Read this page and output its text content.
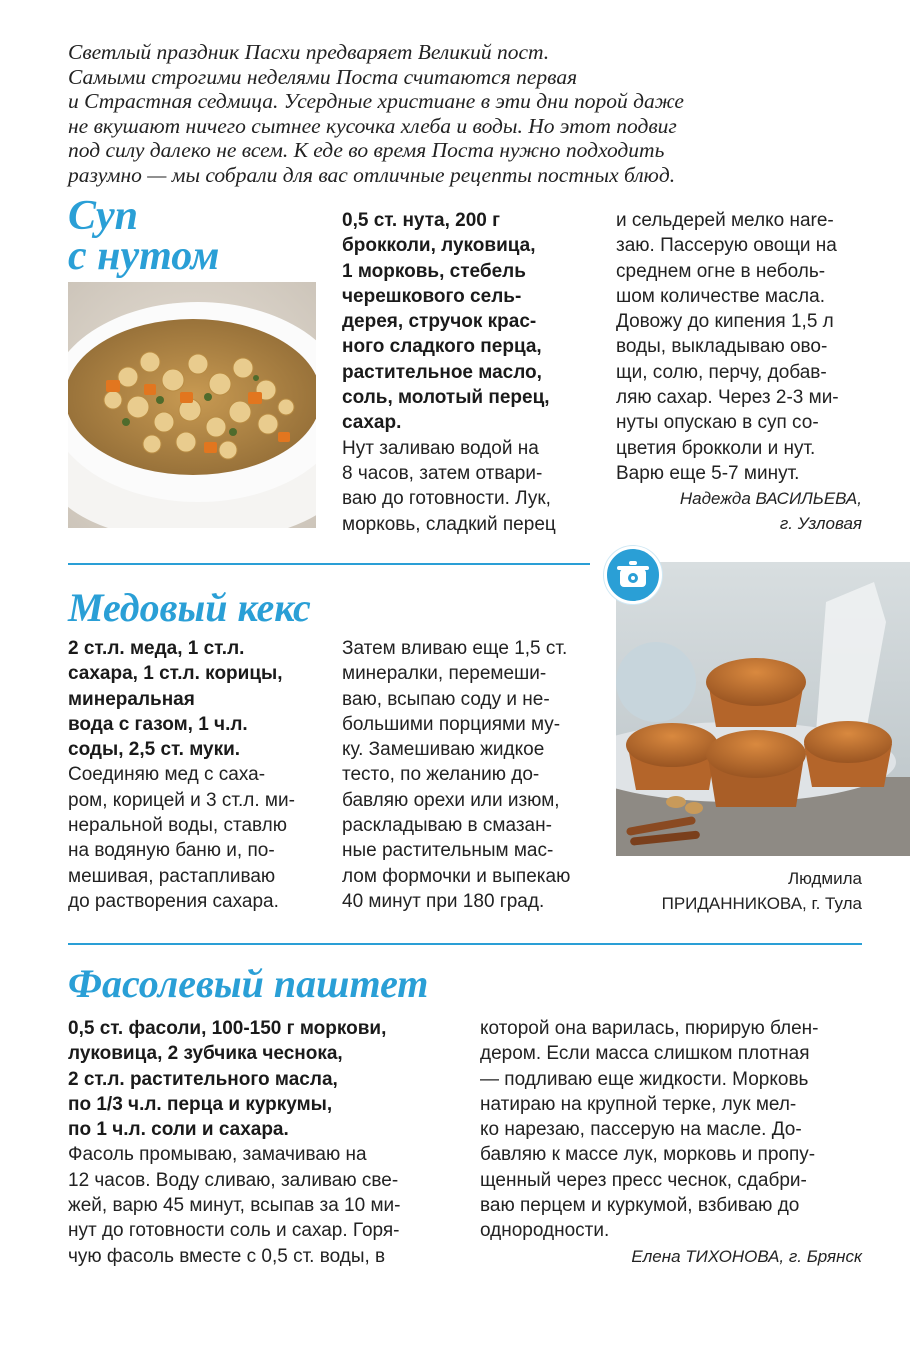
Светлый праздник Пасхи предваряет Великий пост.
Самыми строгими неделями Поста считаются первая
и Страстная седмица. Усердные христиане в эти дни порой даже
не вкушают ничего сытнее кусочка хлеба и воды. Но этот подвиг
под силу далеко не всем. К еде во время Поста нужно подходить
разумно — мы собрали для вас отличные рецепты постных блюд.
Суп
с нутом
0,5 ст. нута, 200 г
брокколи, луковица,
1 морковь, стебель
черешкового сель-
дерея, стручок крас-
ного сладкого перца,
растительное масло,
соль, молотый перец,
сахар.
Нут заливаю водой на
8 часов, затем отвари-
ваю до готовности. Лук,
морковь, сладкий перец
и сельдерей мелко нare-
заю. Пассерую овощи на
среднем огне в неболь-
шом количестве масла.
Довожу до кипения 1,5 л
воды, выкладываю ово-
щи, солю, перчу, добав-
ляю сахар. Через 2-3 ми-
нуты опускаю в суп со-
цветия брокколи и нут.
Варю еще 5-7 минут.
Надежда ВАСИЛЬЕВА,
г. Узловая
Медовый кекс
2 ст.л. меда, 1 ст.л.
сахара, 1 ст.л. корицы,
минеральная
вода с газом, 1 ч.л.
соды, 2,5 ст. муки.
Соединяю мед с саха-
ром, корицей и 3 ст.л. ми-
неральной воды, ставлю
на водяную баню и, по-
мешивая, растапливаю
до растворения сахара.
Затем вливаю еще 1,5 ст.
минералки, перемеши-
ваю, всыпаю соду и не-
большими порциями му-
ку. Замешиваю жидкое
тесто, по желанию до-
бавляю орехи или изюм,
раскладываю в смазан-
ные растительным мас-
лом формочки и выпекаю
40 минут при 180 град.
Людмила
ПРИДАННИКОВА, г. Тула
Фасолевый паштет
0,5 ст. фасоли, 100-150 г моркови,
луковица, 2 зубчика чеснока,
2 ст.л. растительного масла,
по 1/3 ч.л. перца и куркумы,
по 1 ч.л. соли и сахара.
Фасоль промываю, замачиваю на
12 часов. Воду сливаю, заливаю све-
жей, варю 45 минут, всыпав за 10 ми-
нут до готовности соль и сахар. Горя-
чую фасоль вместе с 0,5 ст. воды, в
которой она варилась, пюрирую блен-
дером. Если масса слишком плотная
— подливаю еще жидкости. Морковь
натираю на крупной терке, лук мел-
ко нарезаю, пассерую на масле. До-
бавляю к массе лук, морковь и пропу-
щенный через пресс чеснок, сдабри-
ваю перцем и куркумой, взбиваю до
однородности.
Елена ТИХОНОВА, г. Брянск
